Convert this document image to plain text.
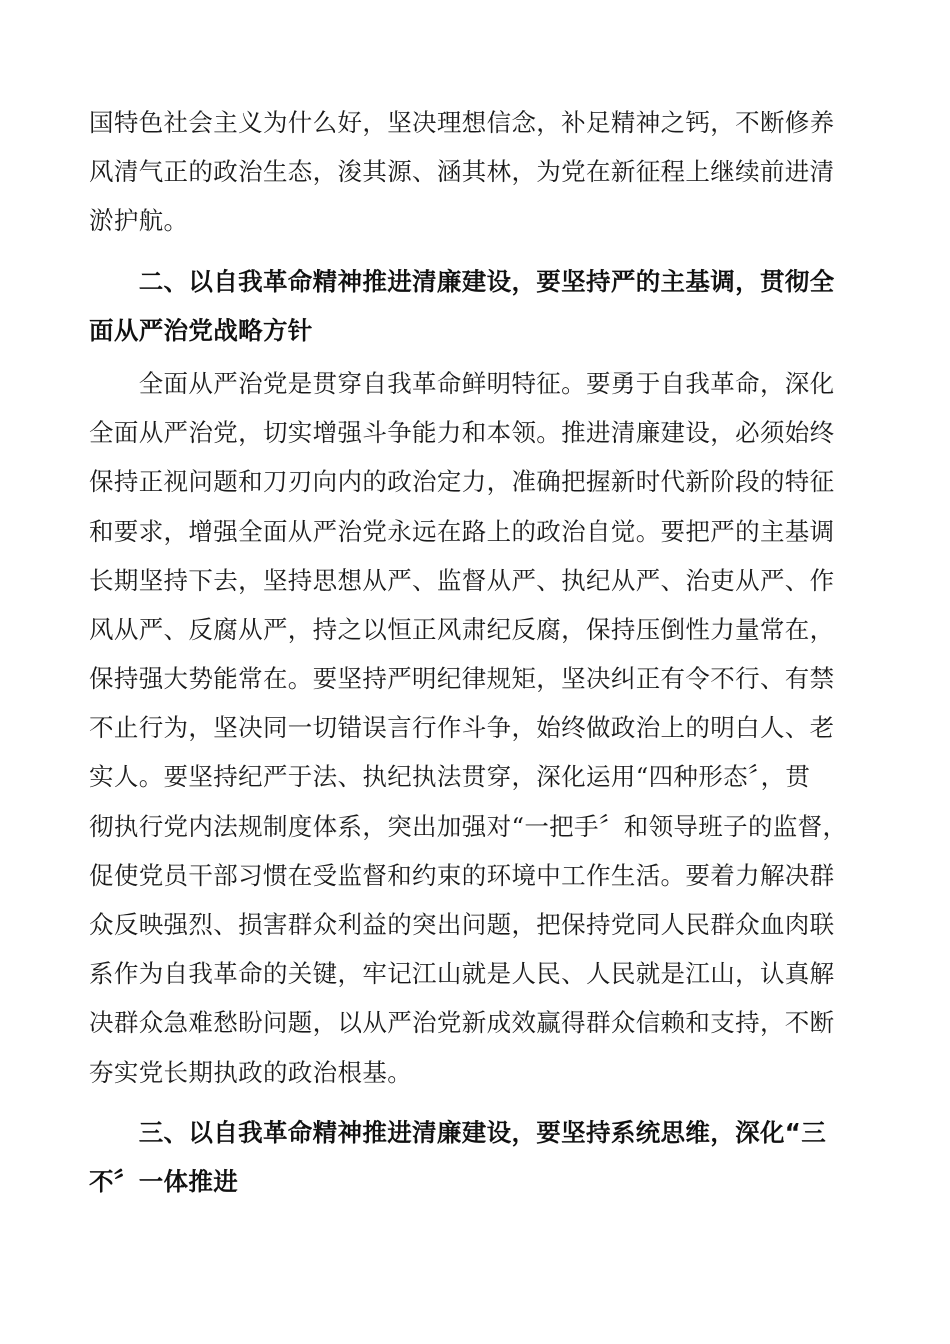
国特色社会主义为什么好，坚决理想信念，补足精神之钙，不断修养
风清气正的政治生态，浚其源、涵其林，为党在新征程上继续前进清
淤护航。
　　二、以自我革命精神推进清廉建设，要坚持严的主基调，贯彻全
面从严治党战略方针
　　全面从严治党是贯穿自我革命鲜明特征。要勇于自我革命，深化
全面从严治党，切实增强斗争能力和本领。推进清廉建设，必须始终
保持正视问题和刀刃向内的政治定力，准确把握新时代新阶段的特征
和要求，增强全面从严治党永远在路上的政治自觉。要把严的主基调
长期坚持下去，坚持思想从严、监督从严、执纪从严、治吏从严、作
风从严、反腐从严，持之以恒正风肃纪反腐，保持压倒性力量常在，
保持强大势能常在。要坚持严明纪律规矩，坚决纠正有令不行、有禁
不止行为，坚决同一切错误言行作斗争，始终做政治上的明白人、老
实人。要坚持纪严于法、执纪执法贯穿，深化运用“四种形态〞，贯
彻执行党内法规制度体系，突出加强对“一把手〞和领导班子的监督，
促使党员干部习惯在受监督和约束的环境中工作生活。要着力解决群
众反映强烈、损害群众利益的突出问题，把保持党同人民群众血肉联
系作为自我革命的关键，牢记江山就是人民、人民就是江山，认真解
决群众急难愁盼问题，以从严治党新成效赢得群众信赖和支持，不断
夯实党长期执政的政治根基。
　　三、以自我革命精神推进清廉建设，要坚持系统思维，深化“三
不〞一体推进
